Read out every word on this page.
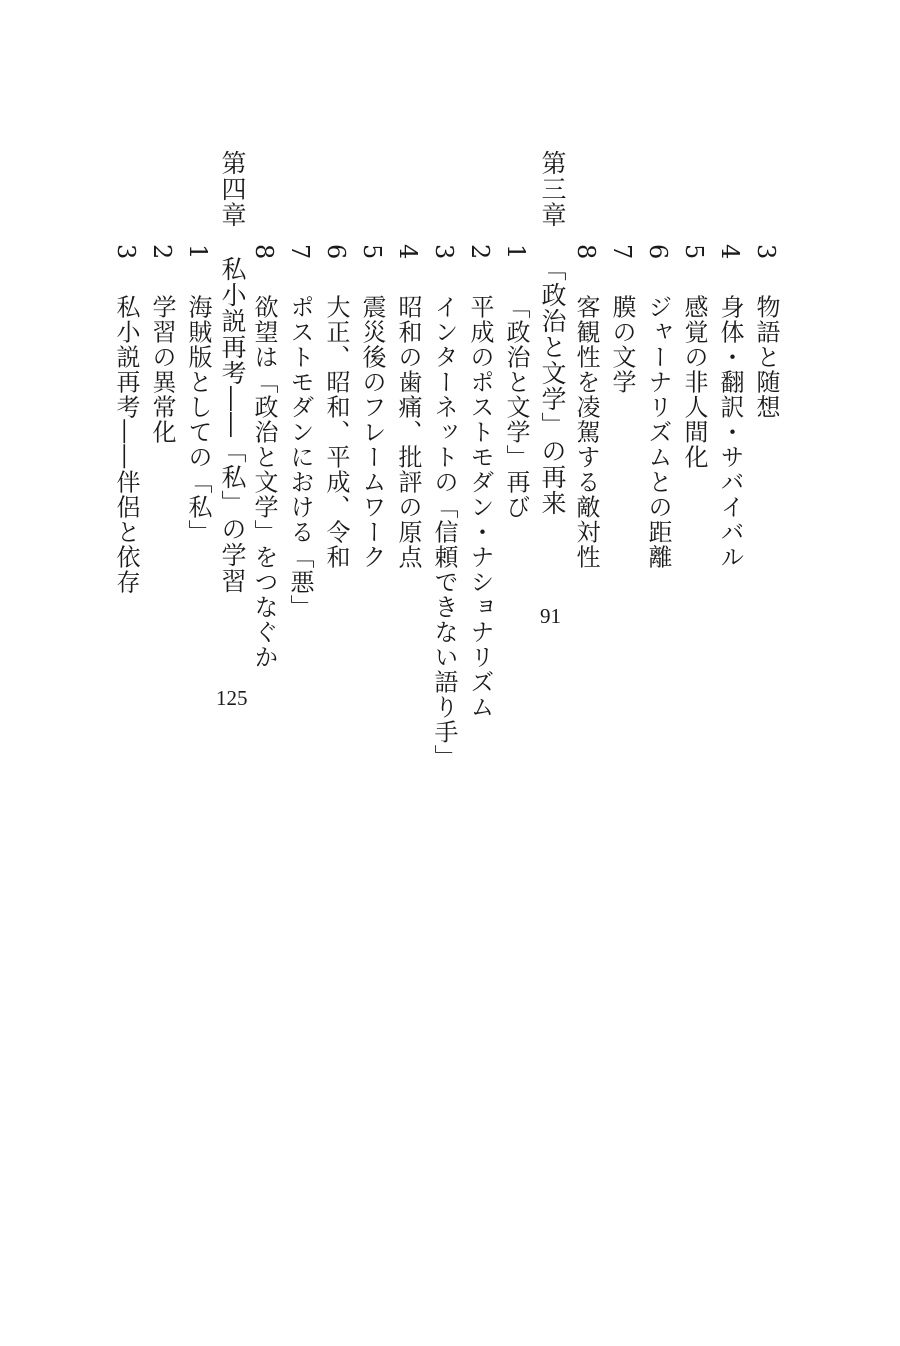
3物語と随想
4身体・翻訳・サバイバル
5感覚の非人間化
6ジャーナリズムとの距離
7膜の文学
8客観性を凌駕する敵対性
第三章「政治と文学」の再来
91
1「政治と文学」再び
2平成のポストモダン・ナショナリズム
3インターネットの「信頼できない語り手」
4昭和の歯痛、批評の原点
5震災後のフレームワーク
6大正、昭和、平成、令和
7ポストモダンにおける「悪」
8欲望は「政治と文学」をつなぐか
第四章私小説再考――「私」の学習
125
1海賊版としての「私」
2学習の異常化
3私小説再考――伴侶と依存
